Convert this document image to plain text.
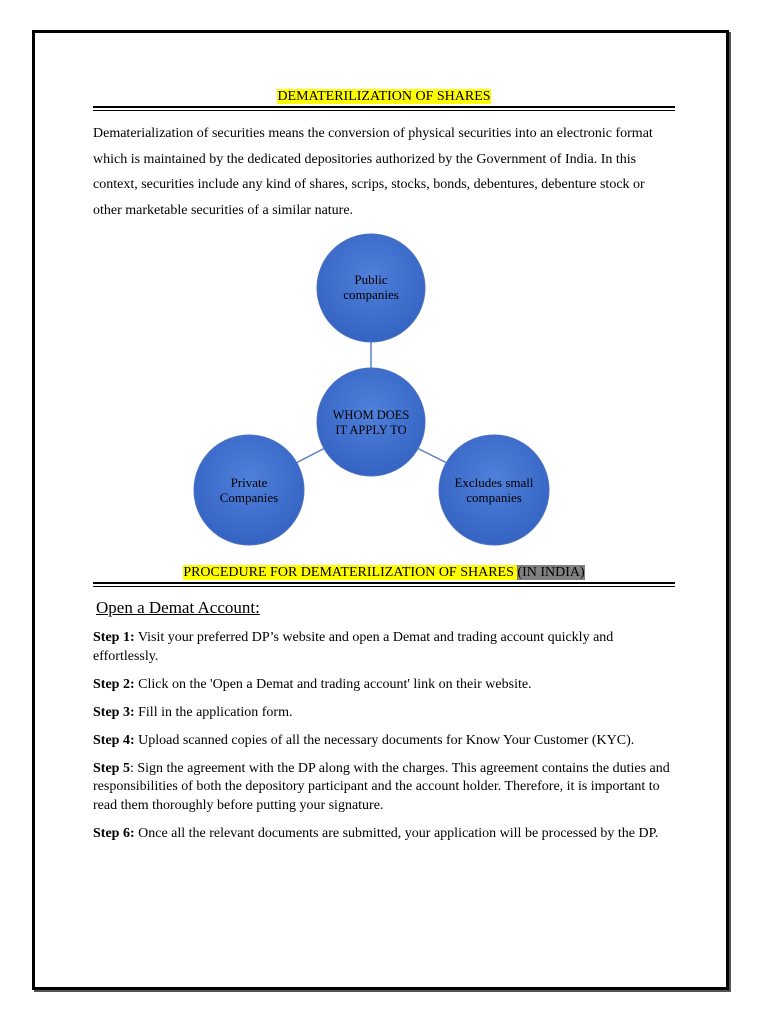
DEMATERILIZATION OF SHARES

Dematerialization of securities means the conversion of physical securities into an electronic format which is maintained by the dedicated depositories authorized by the Government of India. In this context, securities include any kind of shares, scrips, stocks, bonds, debentures, debenture stock or other marketable securities of a similar nature.

Public companies
WHOM DOES IT APPLY TO
Private Companies
Excludes small companies
PROCEDURE FOR DEMATERILIZATION OF SHARES (IN INDIA)
Open a Demat Account:

Step 1: Visit your preferred DP’s website and open a Demat and trading account quickly and effortlessly.

Step 2: Click on the 'Open a Demat and trading account' link on their website.

Step 3: Fill in the application form.

Step 4: Upload scanned copies of all the necessary documents for Know Your Customer (KYC).

Step 5: Sign the agreement with the DP along with the charges. This agreement contains the duties and responsibilities of both the depository participant and the account holder. Therefore, it is important to read them thoroughly before putting your signature.

Step 6: Once all the relevant documents are submitted, your application will be processed by the DP.
